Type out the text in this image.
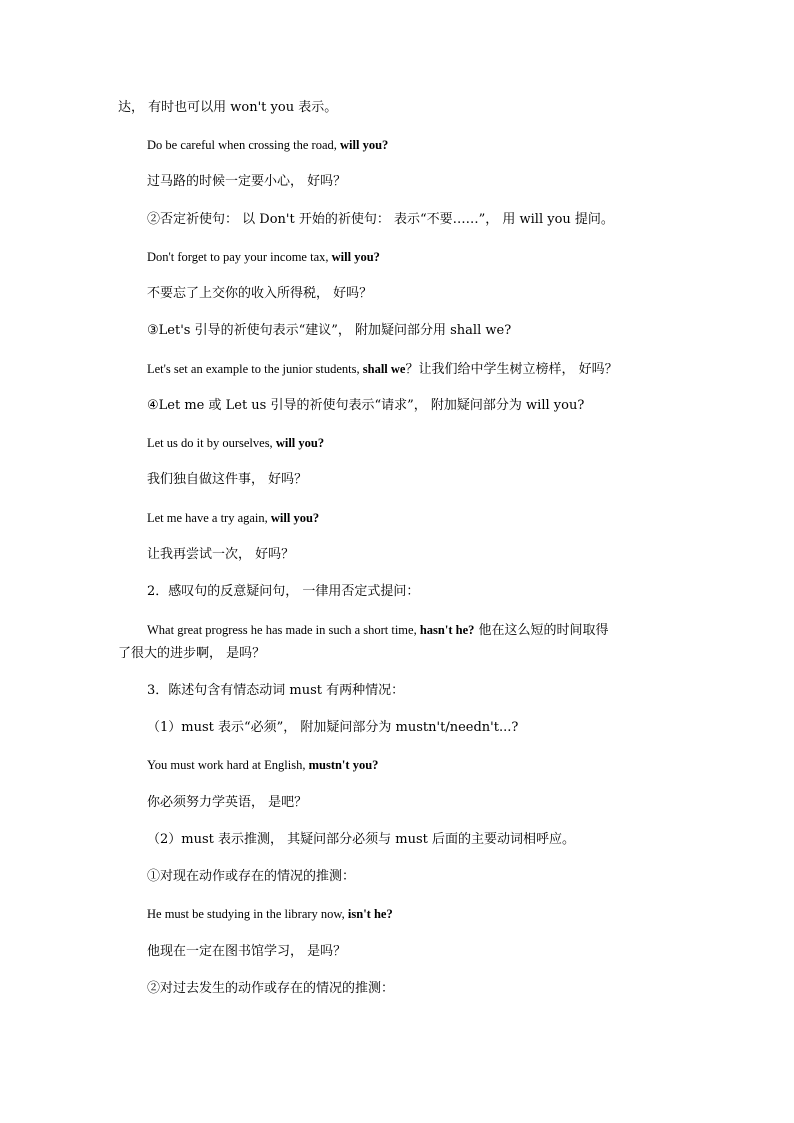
达， 有时也可以用 won't you 表示。
Do be careful when crossing the road, will you?
过马路的时候一定要小心， 好吗？
②否定祈使句： 以 Don't 开始的祈使句： 表示“不要……”， 用 will you 提问。
Don't forget to pay your income tax, will you?
不要忘了上交你的收入所得税， 好吗？
③Let's 引导的祈使句表示“建议”， 附加疑问部分用 shall we?
Let's set an example to the junior students, shall we？让我们给中学生树立榜样， 好吗？
④Let me 或 Let us 引导的祈使句表示“请求”， 附加疑问部分为 will you?
Let us do it by ourselves, will you?
我们独自做这件事， 好吗？
Let me have a try again, will you?
让我再尝试一次， 好吗？
2．感叹句的反意疑问句， 一律用否定式提问：
What great progress he has made in such a short time, hasn't he? 他在这么短的时间取得
了很大的进步啊， 是吗？
3．陈述句含有情态动词 must 有两种情况：
（1）must 表示“必须”， 附加疑问部分为 mustn't/needn't...?
You must work hard at English, mustn't you?
你必须努力学英语， 是吧？
（2）must 表示推测， 其疑问部分必须与 must 后面的主要动词相呼应。
①对现在动作或存在的情况的推测：
He must be studying in the library now, isn't he?
他现在一定在图书馆学习， 是吗？
②对过去发生的动作或存在的情况的推测：
